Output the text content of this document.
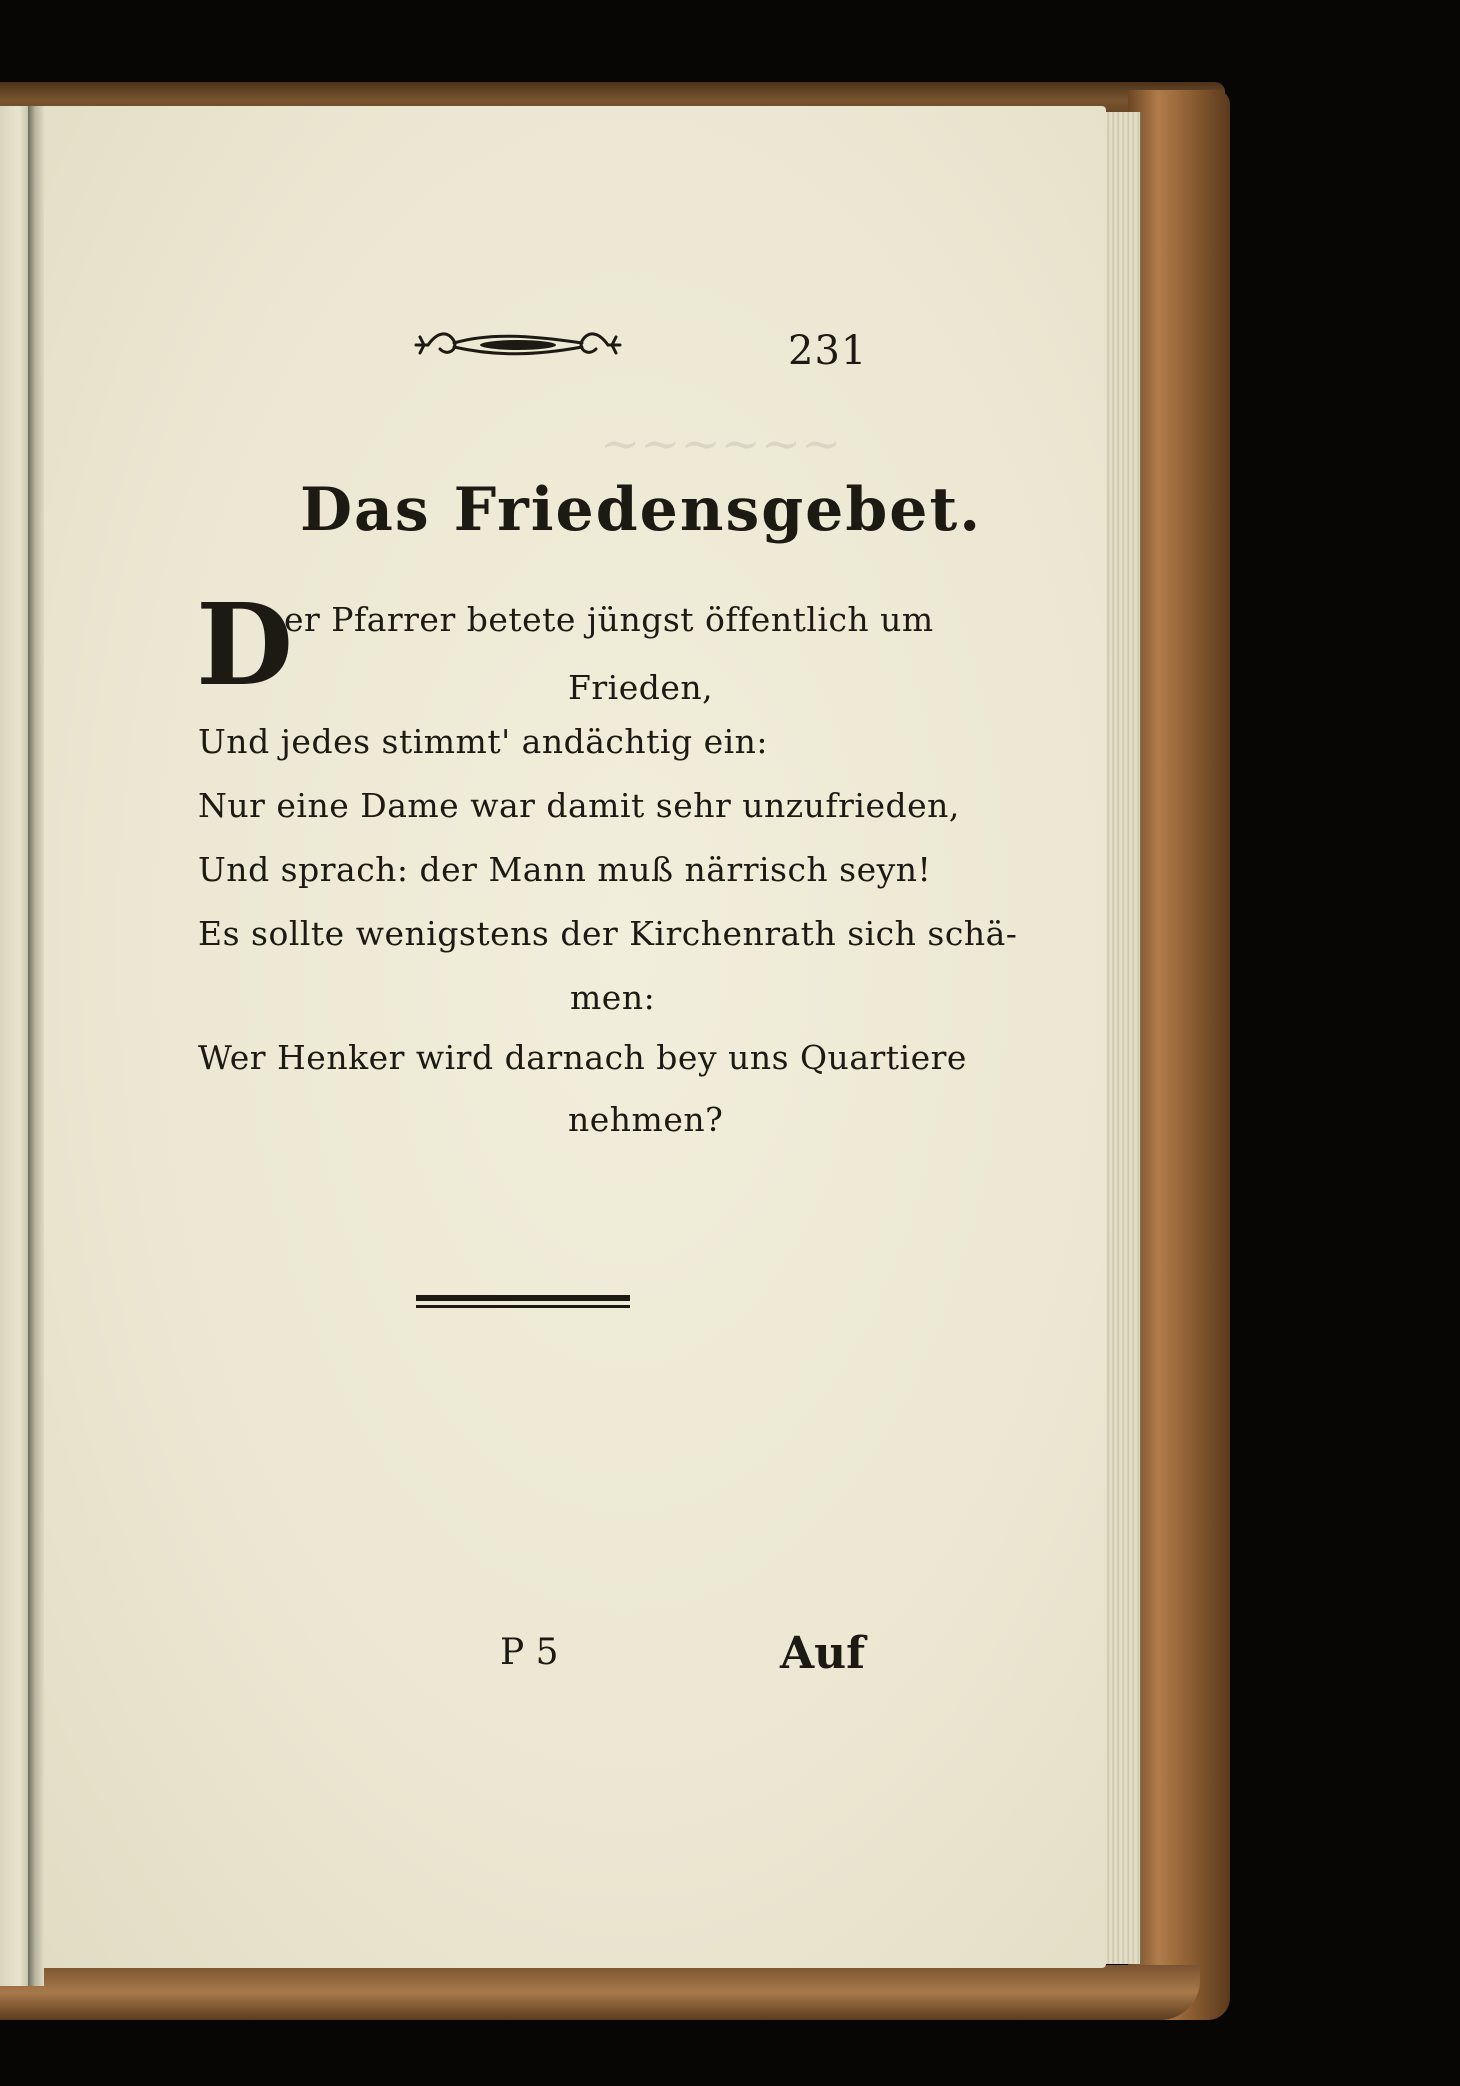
~~~~~~
231
Das Friedensgebet.
D
er Pfarrer betete jüngst öffentlich um
Frieden,
Und jedes stimmt' andächtig ein:
Nur eine Dame war damit sehr unzufrieden,
Und sprach: der Mann muß närrisch seyn!
Es sollte wenigstens der Kirchenrath sich schä-
men:
Wer Henker wird darnach bey uns Quartiere
nehmen?
P 5	Auf
